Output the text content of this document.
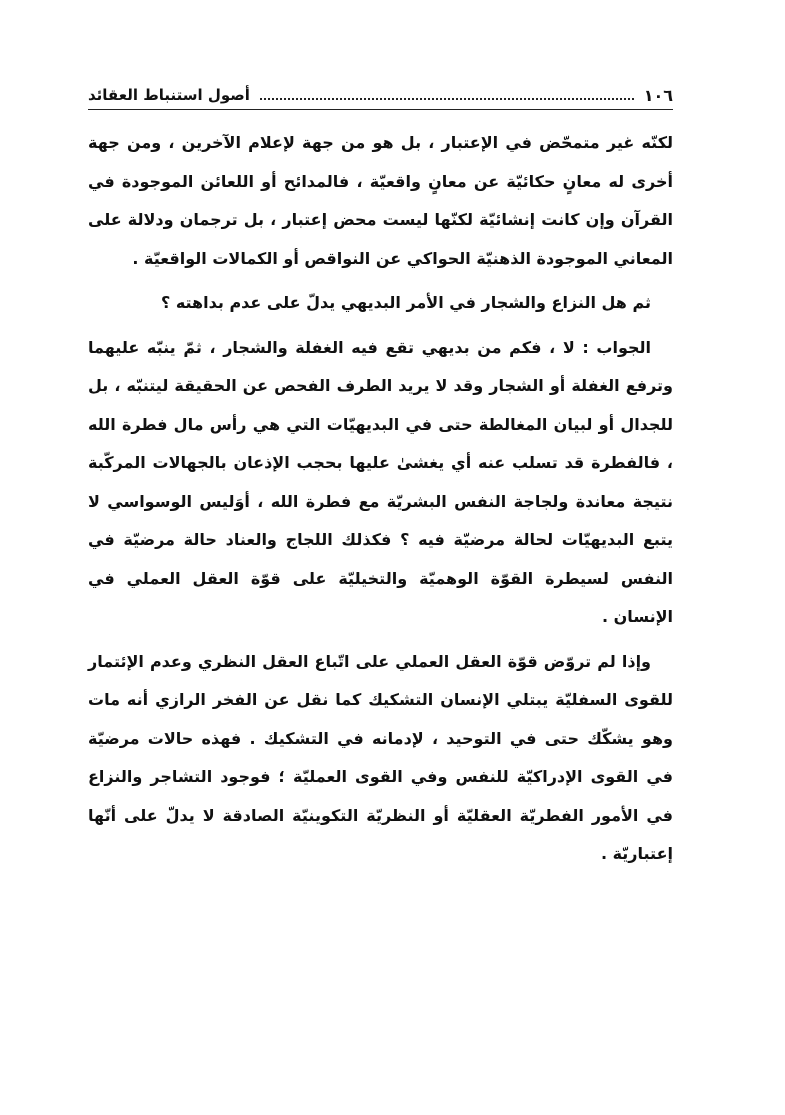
١٠٦
أصول استنباط العقائد

لكنّه غير متمحّض في الإعتبار ، بل هو من جهة لإعلام الآخرين ، ومن جهة أخرى له معانٍ حكائيّة عن معانٍ واقعيّة ، فالمدائح أو اللعائن الموجودة في القرآن وإن كانت إنشائيّة لكنّها ليست محض إعتبار ، بل ترجمان ودلالة على المعاني الموجودة الذهنيّة الحواكي عن النواقص أو الكمالات الواقعيّة .

ثم هل النزاع والشجار في الأمر البديهي يدلّ على عدم بداهته ؟

الجواب : لا ، فكم من بديهي تقع فيه الغفلة والشجار ، ثمّ ينبّه عليهما وترفع الغفلة أو الشجار وقد لا يريد الطرف الفحص عن الحقيقة ليتنبّه ، بل للجدال أو لبيان المغالطة حتى في البديهيّات التي هي رأس مال فطرة الله ، فالفطرة قد تسلب عنه أي يغشىٰ عليها بحجب الإذعان بالجهالات المركّبة نتيجة معاندة ولجاجة النفس البشريّة مع فطرة الله ، أوَليس الوسواسي لا يتبع البديهيّات لحالة مرضيّة فيه ؟ فكذلك اللجاج والعناد حالة مرضيّة في النفس لسيطرة القوّة الوهميّة والتخيليّة على قوّة العقل العملي في الإنسان .

وإذا لم تروّض قوّة العقل العملي على اتّباع العقل النظري وعدم الإئتمار للقوى السفليّة يبتلي الإنسان التشكيك كما نقل عن الفخر الرازي أنه مات وهو يشكّك حتى في التوحيد ، لإدمانه في التشكيك . فهذه حالات مرضيّة في القوى الإدراكيّة للنفس وفي القوى العمليّة ؛ فوجود التشاجر والنزاع في الأمور الفطريّة العقليّة أو النظريّة التكوينيّة الصادقة لا يدلّ على أنّها إعتباريّة .
